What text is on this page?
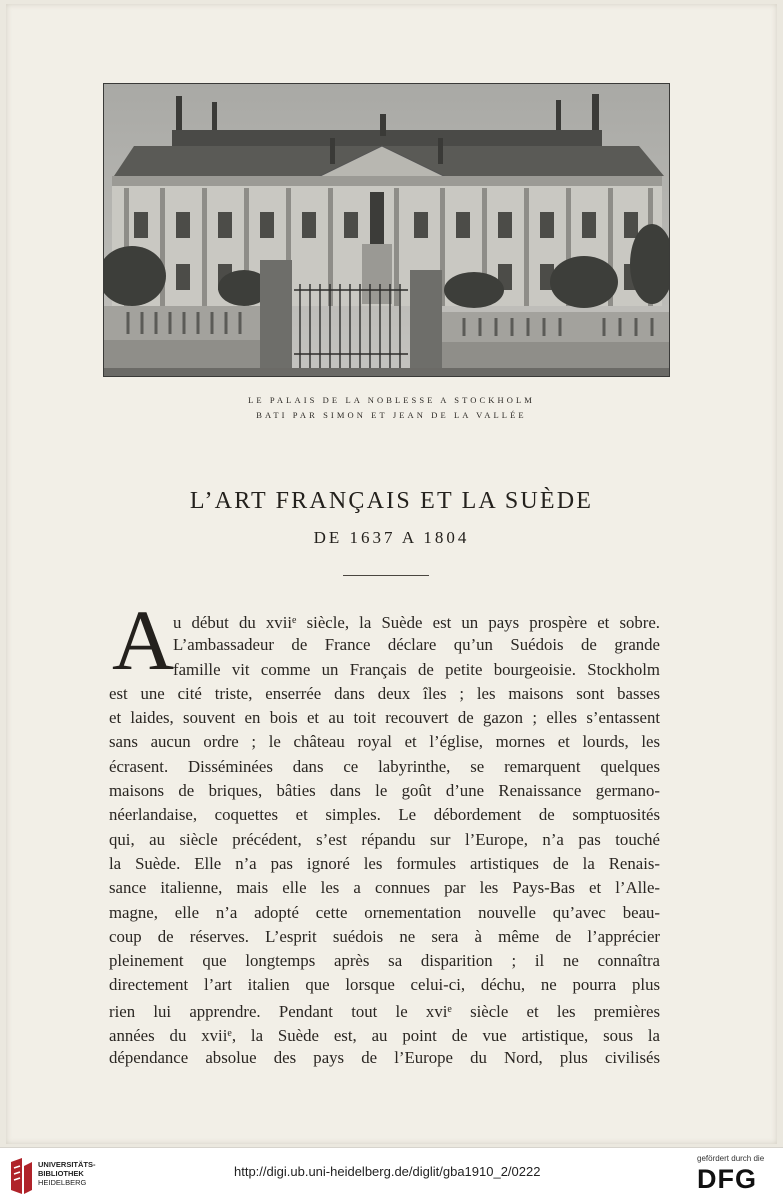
LE PALAIS DE LA NOBLESSE A STOCKHOLM
BATI PAR SIMON ET JEAN DE LA VALLÉE
L’ART FRANÇAIS ET LA SUÈDE
DE 1637 A 1804
A
u début du xvii$^e$ siècle, la Suède est un pays prospère et sobre.
L’ambassadeur de France déclare qu’un Suédois de grande
famille vit comme un Français de petite bourgeoisie. Stockholm
est une cité triste, enserrée dans deux îles ; les maisons sont basses
et laides, souvent en bois et au toit recouvert de gazon ; elles s’entassent
sans aucun ordre ; le château royal et l’église, mornes et lourds, les
écrasent. Disséminées dans ce labyrinthe, se remarquent quelques
maisons de briques, bâties dans le goût d’une Renaissance germano-
néerlandaise, coquettes et simples. Le débordement de somptuosités
qui, au siècle précédent, s’est répandu sur l’Europe, n’a pas touché
la Suède. Elle n’a pas ignoré les formules artistiques de la Renais-
sance italienne, mais elle les a connues par les Pays-Bas et l’Alle-
magne, elle n’a adopté cette ornementation nouvelle qu’avec beau-
coup de réserves. L’esprit suédois ne sera à même de l’apprécier
pleinement que longtemps après sa disparition ; il ne connaîtra
directement l’art italien que lorsque celui-ci, déchu, ne pourra plus
rien lui apprendre. Pendant tout le xvi$^e$ siècle et les premières
années du xvii$^e$, la Suède est, au point de vue artistique, sous la
dépendance absolue des pays de l’Europe du Nord, plus civilisés
UNIVERSITÄTS-
BIBLIOTHEK
HEIDELBERG
http://digi.ub.uni-heidelberg.de/diglit/gba1910_2/0222
gefördert durch die
DFG
